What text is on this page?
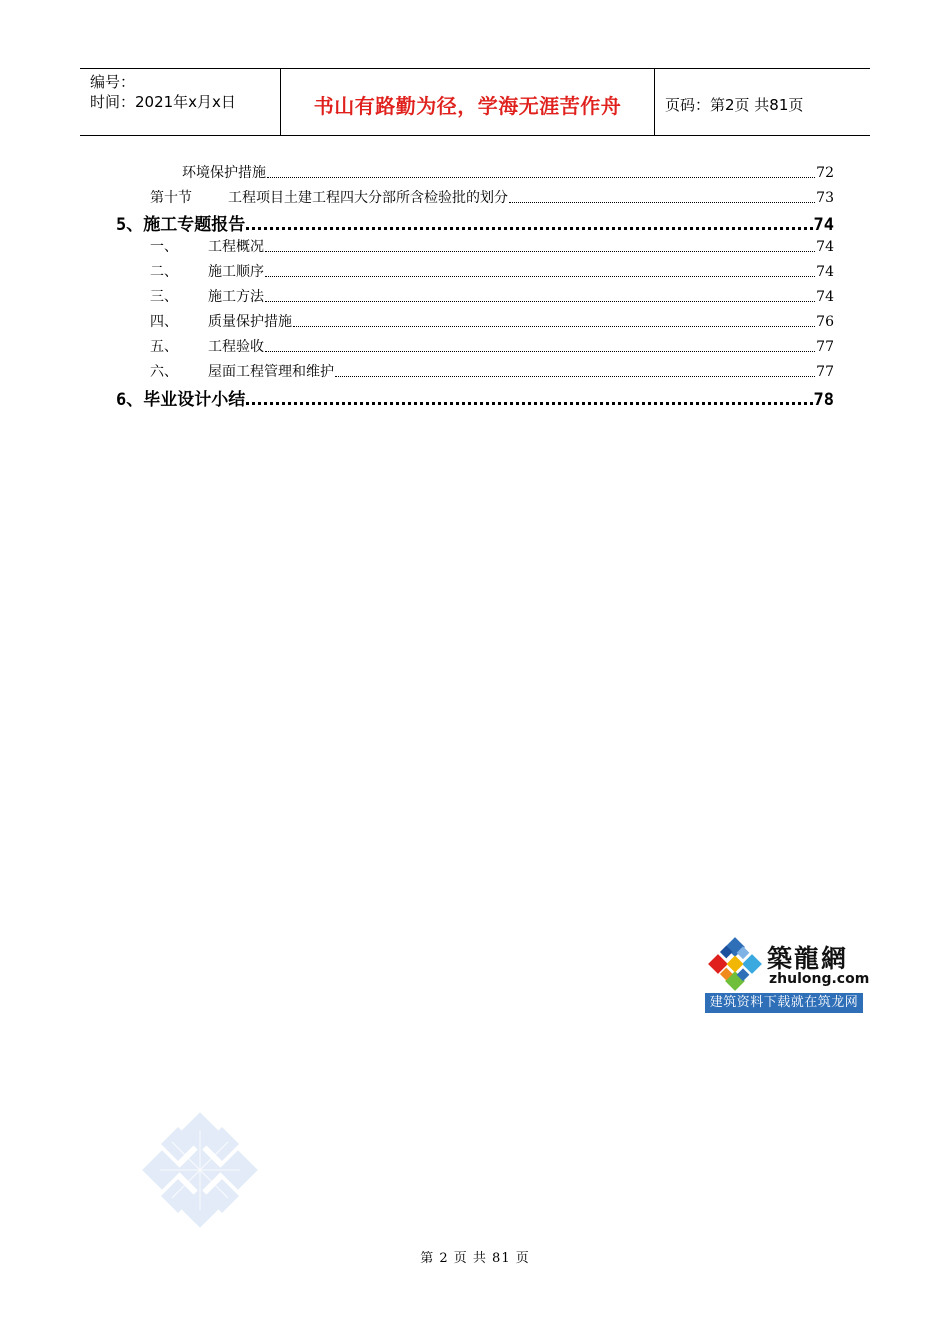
编号：
时间：2021年x月x日	书山有路勤为径，学海无涯苦作舟	页码：第2页 共81页
环境保护措施	72
第十节	工程项目土建工程四大分部所含检验批的划分	73
5、 施工专题报告	74
一、	工程概况	74
二、	施工顺序	74
三、	施工方法	74
四、	质量保护措施	76
五、	工程验收	77
六、	屋面工程管理和维护	77
6、 毕业设计小结	78
築龍網
zhulong.com
建筑资料下载就在筑龙网
第 2 页 共 81 页
